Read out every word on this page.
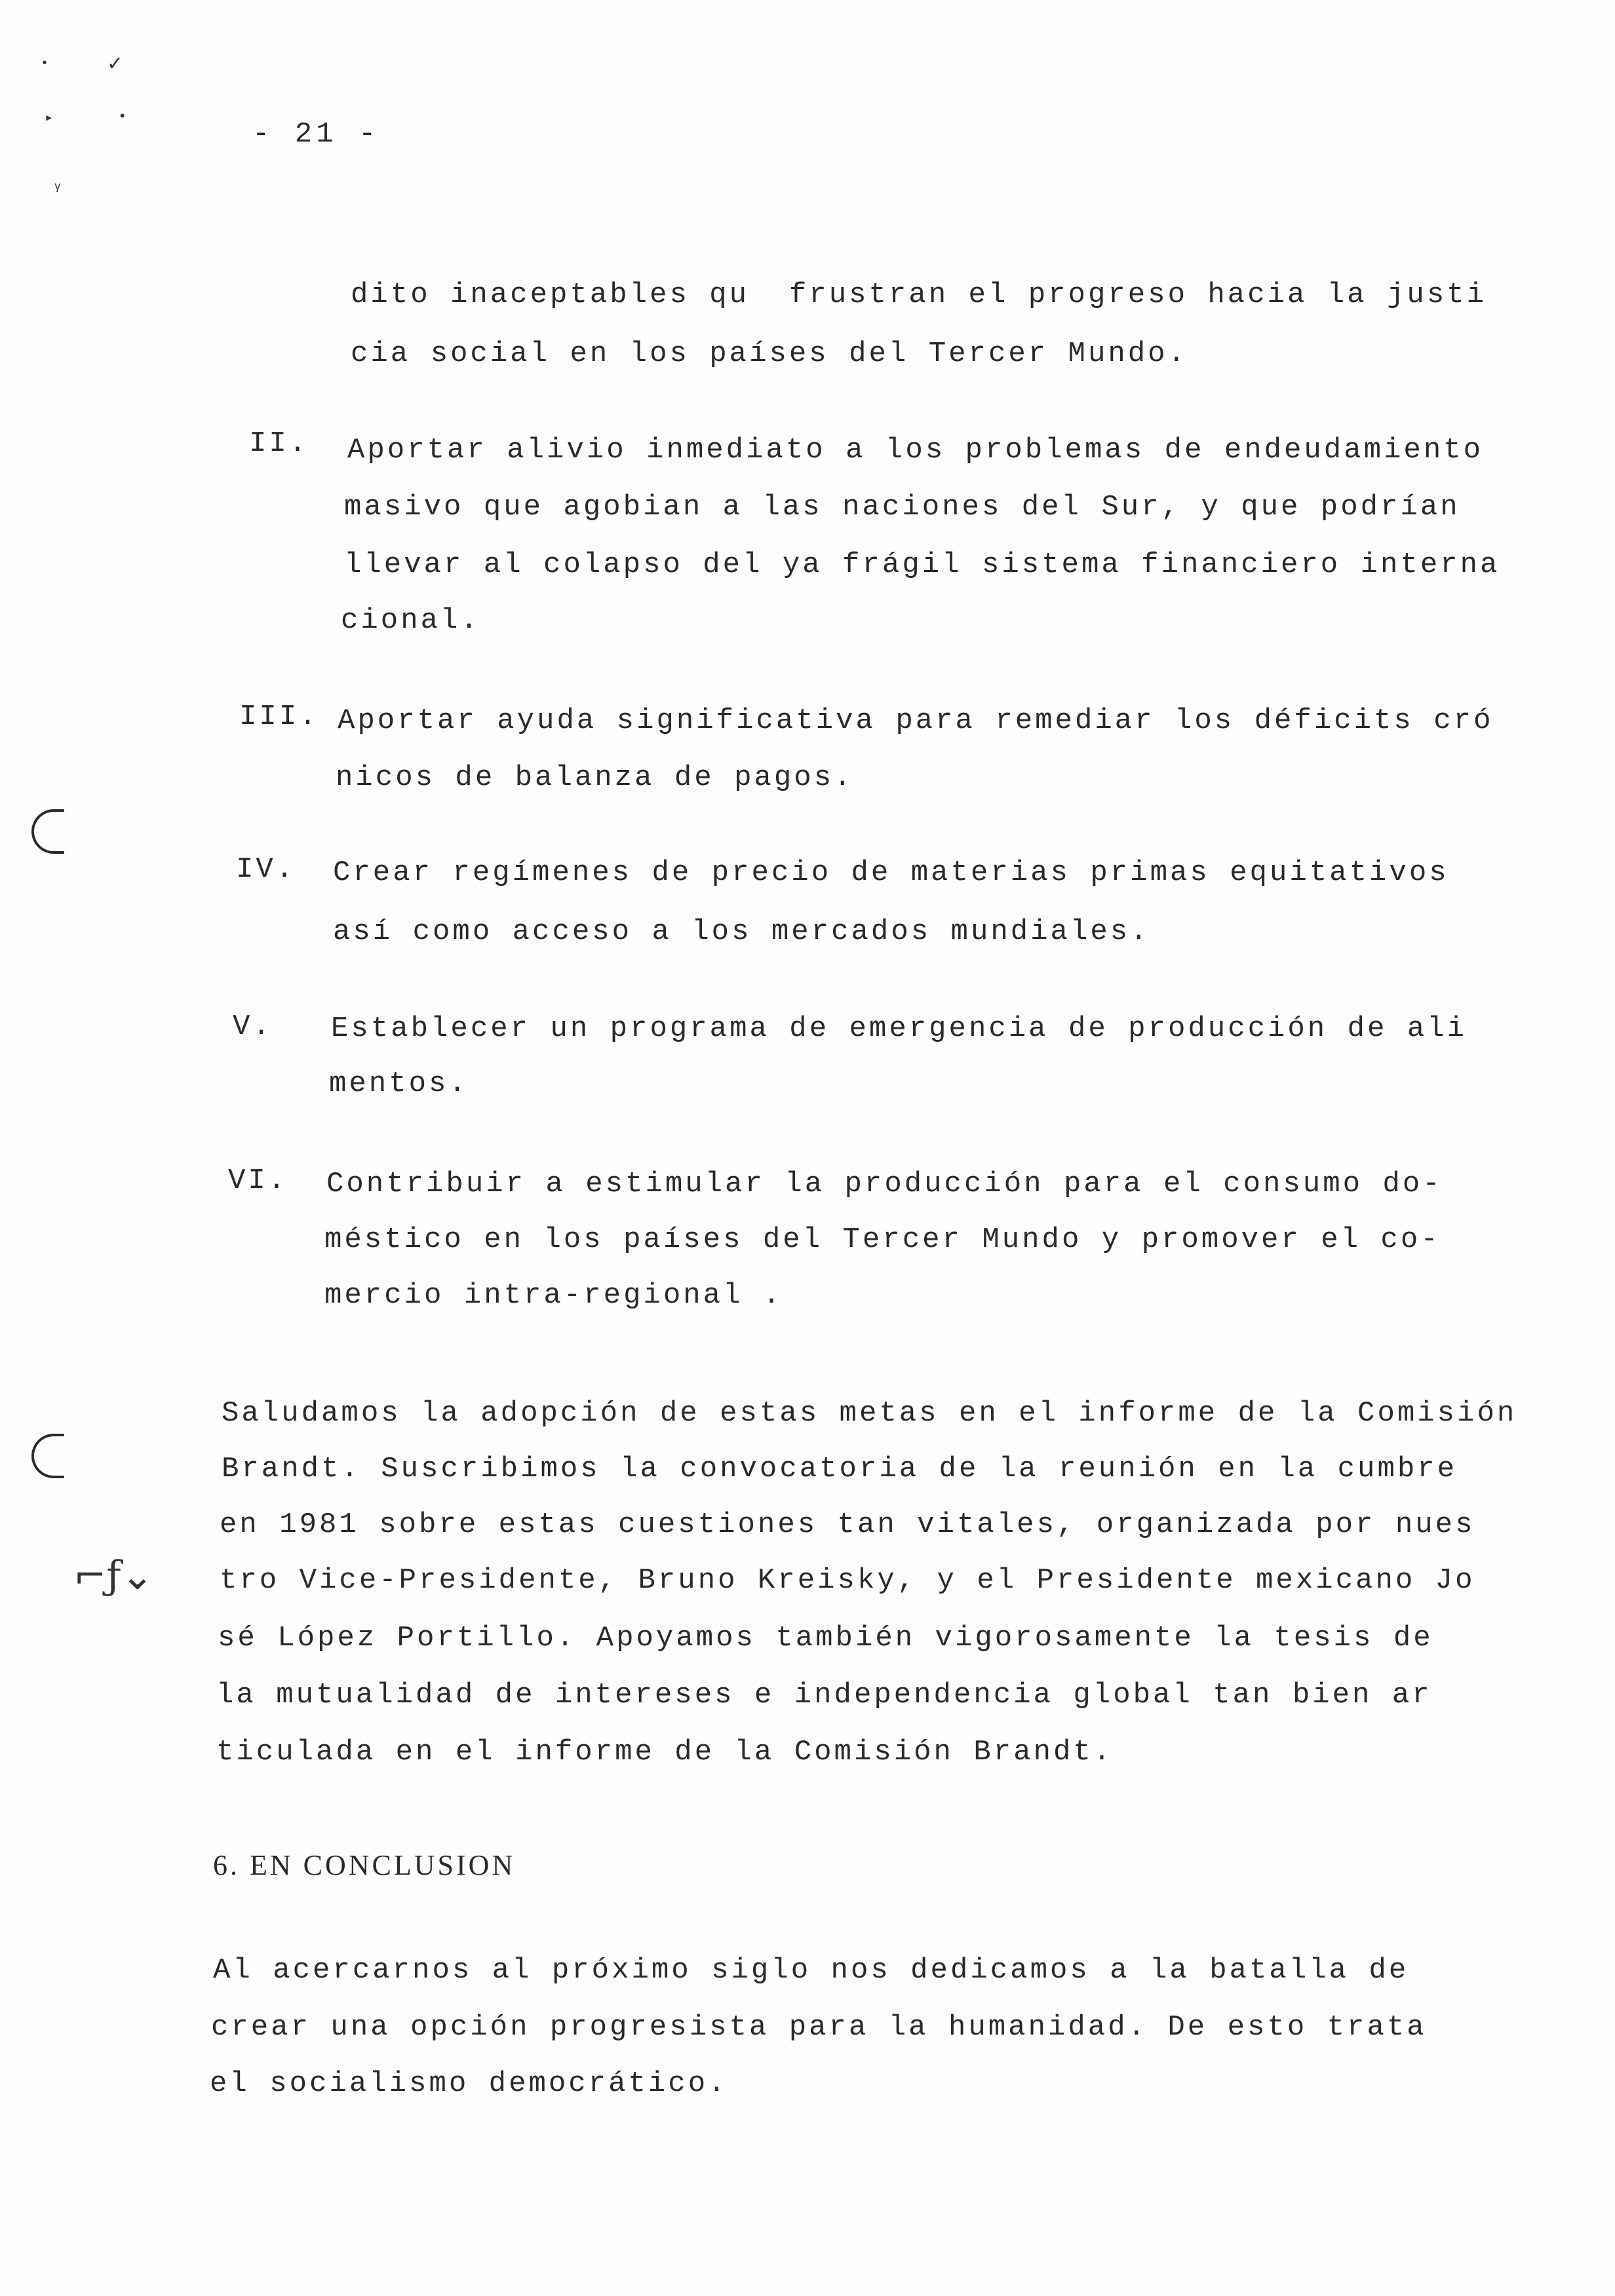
•	✓
▸	•
ᵧ
- 21 -
dito inaceptables qu  frustran el progreso hacia la justi
cia social en los países del Tercer Mundo.
II. Aportar alivio inmediato a los problemas de endeudamiento
masivo que agobian a las naciones del Sur, y que podrían
llevar al colapso del ya frágil sistema financiero interna
cional.
III. Aportar ayuda significativa para remediar los déficits cró
nicos de balanza de pagos.
IV. Crear regímenes de precio de materias primas equitativos
así como acceso a los mercados mundiales.
V. Establecer un programa de emergencia de producción de ali
mentos.
VI. Contribuir a estimular la producción para el consumo do-
méstico en los países del Tercer Mundo y promover el co-
mercio intra-regional .
Saludamos la adopción de estas metas en el informe de la Comisión
Brandt. Suscribimos la convocatoria de la reunión en la cumbre
en 1981 sobre estas cuestiones tan vitales, organizada por nues
⌐ƒ⌄ tro Vice-Presidente, Bruno Kreisky, y el Presidente mexicano Jo
sé López Portillo. Apoyamos también vigorosamente la tesis de
la mutualidad de intereses e independencia global tan bien ar
ticulada en el informe de la Comisión Brandt.
6. EN CONCLUSION
Al acercarnos al próximo siglo nos dedicamos a la batalla de
crear una opción progresista para la humanidad. De esto trata
el socialismo democrático.
